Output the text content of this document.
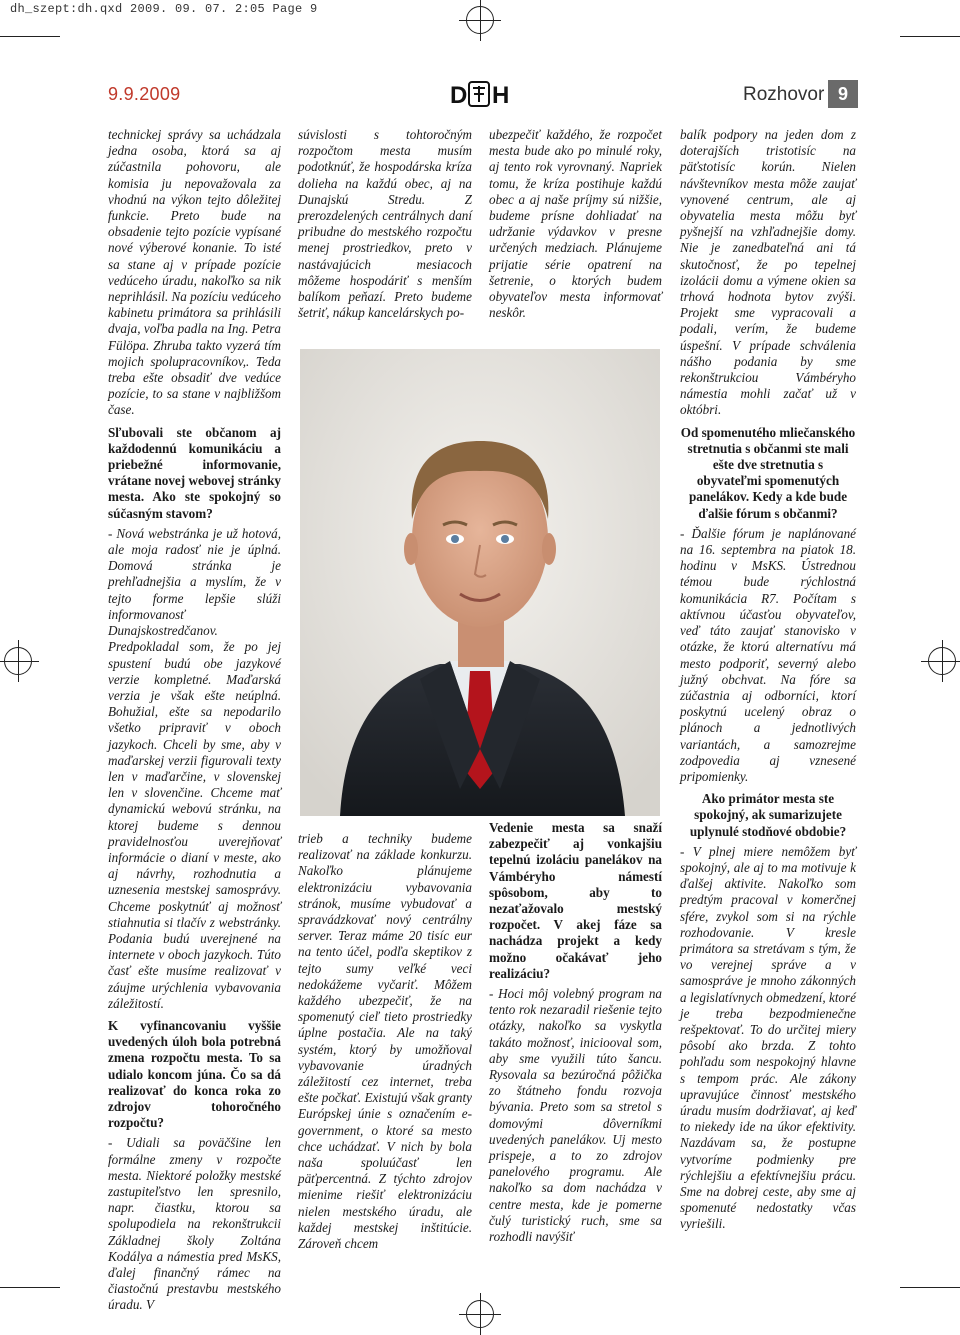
dh_szept:dh.qxd 2009. 09. 07. 2:05 Page 9
9.9.2009	D H	Rozhovor 9

technickej správy sa uchádzala jedna osoba, ktorá sa aj zúčastnila pohovoru, ale komisia ju nepovažovala za vhodnú na výkon tejto dôležitej funkcie. Preto bude na obsadenie tejto pozície vypísané nové výberové konanie. To isté sa stane aj v prípade pozície vedúceho úradu, nakoľko sa nik neprihlásil. Na pozíciu vedúceho kabinetu primátora sa prihlásili dvaja, voľba padla na Ing. Petra Fülöpa. Zhruba takto vyzerá tím mojich spolupracovníkov,. Teda treba ešte obsadiť dve vedúce pozície, to sa stane v najbližšom čase.

Sľubovali ste občanom aj každodennú komunikáciu a priebežné informovanie, vrátane novej webovej stránky mesta. Ako ste spokojný so súčasným stavom?

- Nová webstránka je už hotová, ale moja radosť nie je úplná. Domová stránka je prehľadnejšia a myslím, že v tejto forme lepšie slúži informovanosť Dunajskostredčanov. Predpokladal som, že po jej spustení budú obe jazykové verzie kompletné. Maďarská verzia je však ešte neúplná. Bohužial, ešte sa nepodarilo všetko pripraviť v oboch jazykoch. Chceli by sme, aby v maďarskej verzii figurovali texty len v maďarčine, v slovenskej len v slovenčine. Chceme mať dynamickú webovú stránku, na ktorej budeme s dennou pravidelnosťou uverejňovať informácie o dianí v meste, ako aj návrhy, rozhodnutia a uznesenia mestskej samosprávy. Chceme poskytnúť aj možnosť stiahnutia si tlačív z webstránky. Podania budú uverejnené na internete v oboch jazykoch. Túto časť ešte musíme realizovať v záujme urýchlenia vybavovania záležitostí.

K vyfinancovaniu vyššie uvedených úloh bola potrebná zmena rozpočtu mesta. To sa udialo koncom júna. Čo sa dá realizovať do konca roka zo zdrojov tohoročného rozpočtu?

- Udiali sa poväčšine len formálne zmeny v rozpočte mesta. Niektoré položky mestské zastupiteľstvo len spresnilo, napr. čiastku, ktorou sa spolupodiela na rekonštrukcii Základnej školy Zoltána Kodálya a námestia pred MsKS, ďalej finančný rámec na čiastočnú prestavbu mestského úradu. V

súvislosti s tohtoročným rozpočtom mesta musím podotknúť, že hospodárska kríza dolieha na každú obec, aj na Dunajskú Stredu. Z prerozdelených centrálnych daní pribudne do mestského rozpočtu menej prostriedkov, preto v nastávajúcich mesiacoch môžeme hospodáriť s menším balíkom peňazí. Preto budeme šetriť, nákup kancelárskych po-

trieb a techniky budeme realizovať na základe konkurzu. Nakoľko plánujeme elektronizáciu vybavovania stránok, musíme vybudovať a spravádzkovať nový centrálny server. Teraz máme 20 tisíc eur na tento účel, podľa skeptikov z tejto sumy veľké veci nedokážeme vyčariť. Môžem každého ubezpečiť, že na spomenutý cieľ tieto prostriedky úplne postačia. Ale na taký systém, ktorý by umožňoval vybavovanie úradných záležitostí cez internet, treba ešte počkať. Existujú však granty Európskej únie s označením e-government, o ktoré sa mesto chce uchádzať. V nich by bola naša spoluúčasť len päťpercentná. Z týchto zdrojov mienime riešiť elektronizáciu nielen mestského úradu, ale každej mestskej inštitúcie. Zároveň chcem

ubezpečiť každého, že rozpočet mesta bude ako po minulé roky, aj tento rok vyrovnaný. Napriek tomu, že kríza postihuje každú obec a aj naše príjmy sú nižšie, budeme prísne dohliadať na udržanie výdavkov v presne určených medziach. Plánujeme prijatie série opatrení na šetrenie, o ktorých budem obyvateľov mesta informovať neskôr.

Vedenie mesta sa snaží zabezpečiť aj vonkajšiu tepelnú izoláciu panelákov na Vámbéryho námestí spôsobom, aby to nezaťažovalo mestský rozpočet. V akej fáze sa nachádza projekt a kedy možno očakávať jeho realizáciu?

- Hoci môj volebný program na tento rok nezaradil riešenie tejto otázky, nakoľko sa vyskytla takáto možnosť, iniciooval som, aby sme využili túto šancu. Rysovala sa bezúročná pôžička zo štátneho fondu rozvoja bývania. Preto som sa stretol s domovými dôverníkmi uvedených panelákov. Uj mesto prispeje, a to zo zdrojov panelového programu. Ale nakoľko sa dom nachádza v centre mesta, kde je pomerne čulý turistický ruch, sme sa rozhodli navýšiť

balík podpory na jeden dom z doterajších tristotisíc na päťstotisíc korún. Nielen návštevníkov mesta môže zaujať vynovené centrum, ale aj obyvatelia mesta môžu byť pyšnejší na vzhľadnejšie domy. Nie je zanedbateľná ani tá skutočnosť, že po tepelnej izolácii domu a výmene okien sa trhová hodnota bytov zvýši. Projekt sme vypracovali a podali, verím, že budeme úspešní. V prípade schválenia nášho podania by sme rekonštrukciou Vámbéryho námestia mohli začať už v októbri.

Od spomenutého mliečanského stretnutia s občanmi ste mali ešte dve stretnutia s obyvateľmi spomenutých panelákov. Kedy a kde bude ďalšie fórum s občanmi?

- Ďalšie fórum je naplánované na 16. septembra na piatok 18. hodinu v MsKS. Ústrednou témou bude rýchlostná komunikácia R7. Počítam s aktívnou účasťou obyvateľov, veď táto zaujať stanovisko v otázke, že ktorú alternatívu má mesto podporiť, severný alebo južný obchvat. Na fóre sa zúčastnia aj odborníci, ktorí poskytnú ucelený obraz o plánoch a jednotlivých variantách, a samozrejme zodpovedia aj vznesené pripomienky.

Ako primátor mesta ste spokojný, ak sumarizujete uplynulé stodňové obdobie?

- V plnej miere nemôžem byť spokojný, ale aj to ma motivuje k ďalšej aktivite. Nakoľko som predtým pracoval v komerčnej sfére, zvykol som si na rýchle rozhodovanie. V kresle primátora sa stretávam s tým, že vo verejnej správe a v samospráve je mnoho zákonných a legislatívnych obmedzení, ktoré je treba bezpodmienečne rešpektovať. To do určitej miery pôsobí ako brzda. Z tohto pohľadu som nespokojný hlavne s tempom prác. Ale zákony upravujúce činnosť mestského úradu musím dodržiavať, aj keď to niekedy ide na úkor efektivity. Nazdávam sa, že postupne vytvoríme podmienky pre rýchlejšiu a efektívnejšiu prácu. Sme na dobrej ceste, aby sme aj spomenuté nedostatky včas vyriešili.
